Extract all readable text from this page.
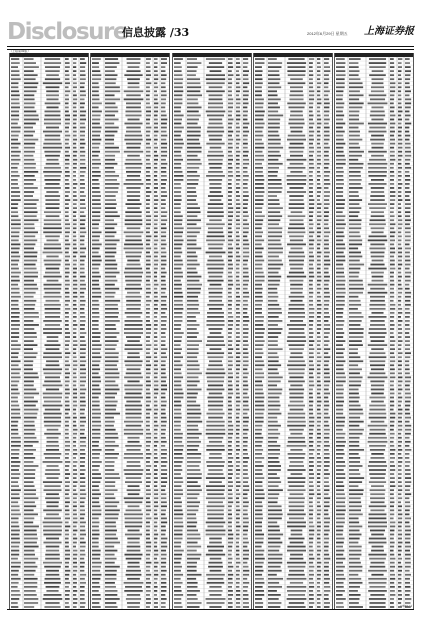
Disclosure
信息披露 /33	2012年6月29日 星期五 上海证券报
（上接第32版）
CS33 / 1
